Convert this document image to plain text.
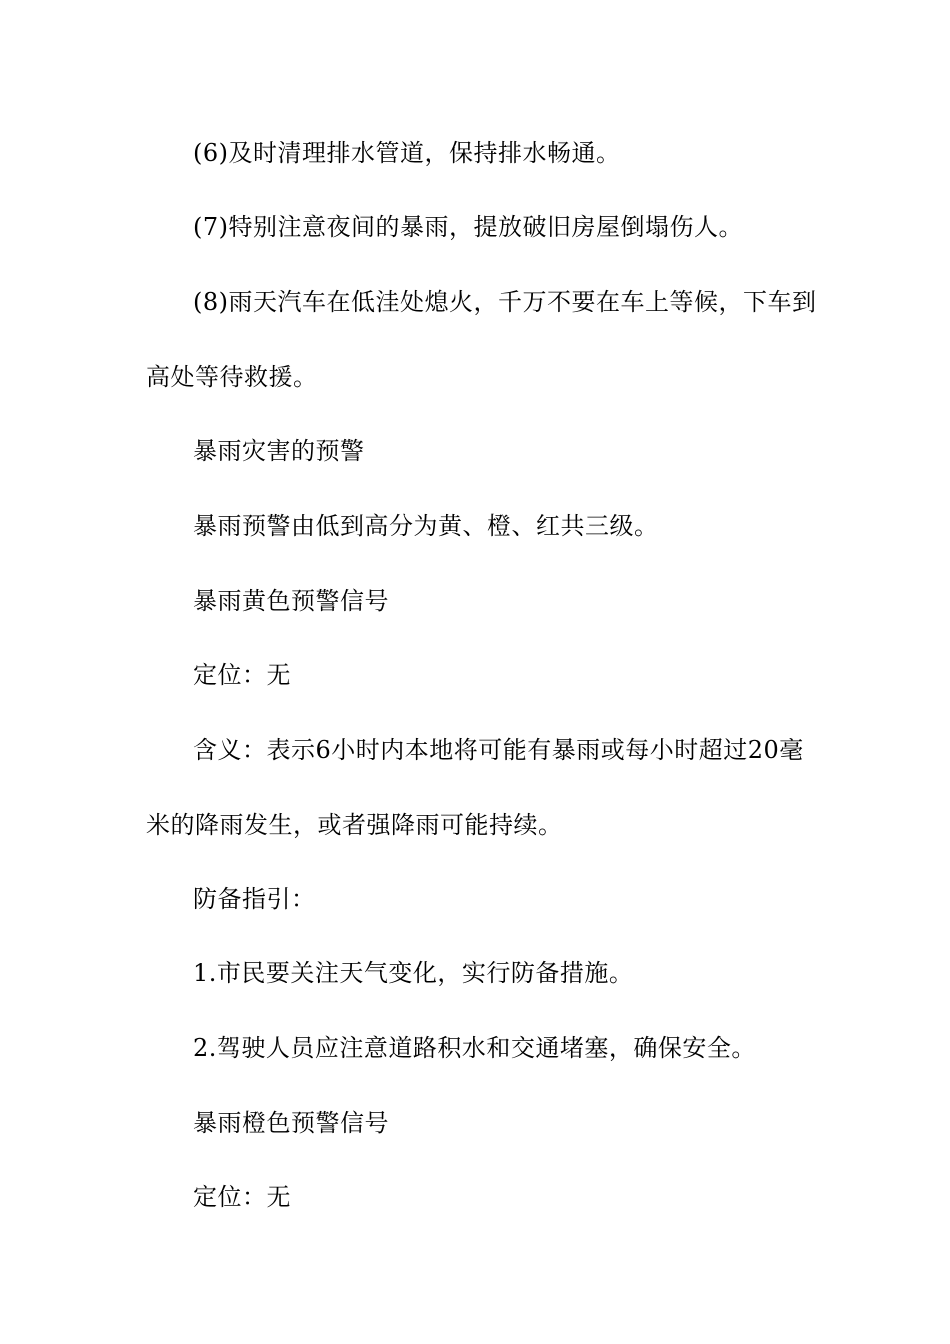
(6)及时清理排水管道，保持排水畅通。
(7)特别注意夜间的暴雨，提放破旧房屋倒塌伤人。
(8)雨天汽车在低洼处熄火，千万不要在车上等候，下车到
高处等待救援。
暴雨灾害的预警
暴雨预警由低到高分为黄、橙、红共三级。
暴雨黄色预警信号
定位：无
含义：表示6小时内本地将可能有暴雨或每小时超过20毫
米的降雨发生，或者强降雨可能持续。
防备指引：
1.市民要关注天气变化，实行防备措施。
2.驾驶人员应注意道路积水和交通堵塞，确保安全。
暴雨橙色预警信号
定位：无
